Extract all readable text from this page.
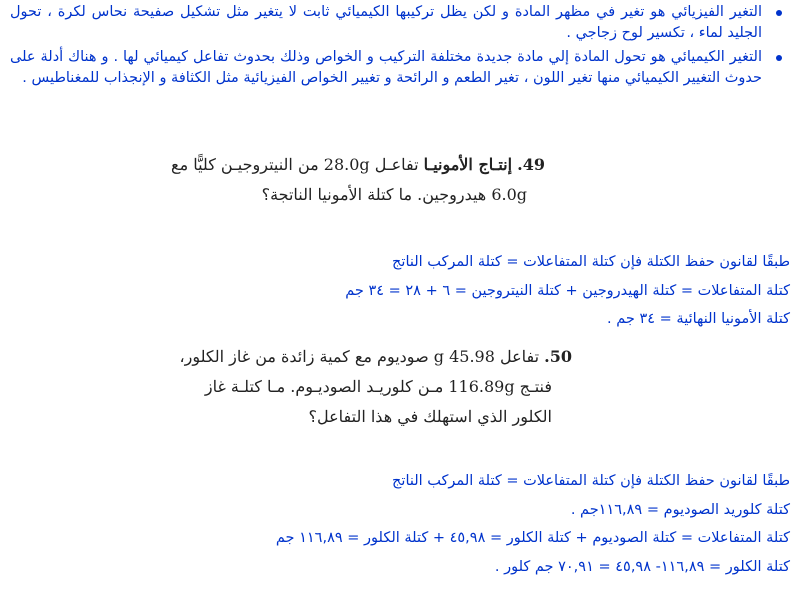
التغير الفيزيائي هو تغير في مظهر المادة و لكن يظل تركيبها الكيميائي ثابت لا يتغير مثل تشكيل صفيحة نحاس لكرة ، تحول الجليد لماء ، تكسير لوح زجاجي .
التغير الكيميائي هو تحول المادة إلي مادة جديدة مختلفة التركيب و الخواص وذلك بحدوث تفاعل كيميائي لها . و هناك أدلة على حدوث التغيير الكيميائي منها تغير اللون ، تغير الطعم و الرائحة و تغيير الخواص الفيزيائية مثل الكثافة و الإنجذاب للمغناطيس .
49. إنتـاج الأمونيـا تفاعـل 28.0g من النيتروجيـن كليًّا مع
6.0g هيدروجين. ما كتلة الأمونيا الناتجة؟
طبقًا لقانون حفظ الكتلة فإن كتلة المتفاعلات = كتلة المركب الناتج
كتلة المتفاعلات = كتلة الهيدروجين + كتلة النيتروجين = ٦ + ٢٨ = ٣٤ جم
كتلة الأمونيا النهائية = ٣٤ جم .
50. تفاعل 45.98 g صوديوم مع كمية زائدة من غاز الكلور،
فنتـج 116.89g مـن كلوريـد الصوديـوم. مـا كتلـة غاز
الكلور الذي استهلك في هذا التفاعل؟
طبقًا لقانون حفظ الكتلة فإن كتلة المتفاعلات = كتلة المركب الناتج
كتلة كلوريد الصوديوم = ١١٦,٨٩جم .
كتلة المتفاعلات = كتلة الصوديوم + كتلة الكلور = ٤٥,٩٨ + كتلة الكلور = ١١٦,٨٩ جم
كتلة الكلور = ١١٦,٨٩- ٤٥,٩٨ = ٧٠,٩١ جم كلور .
